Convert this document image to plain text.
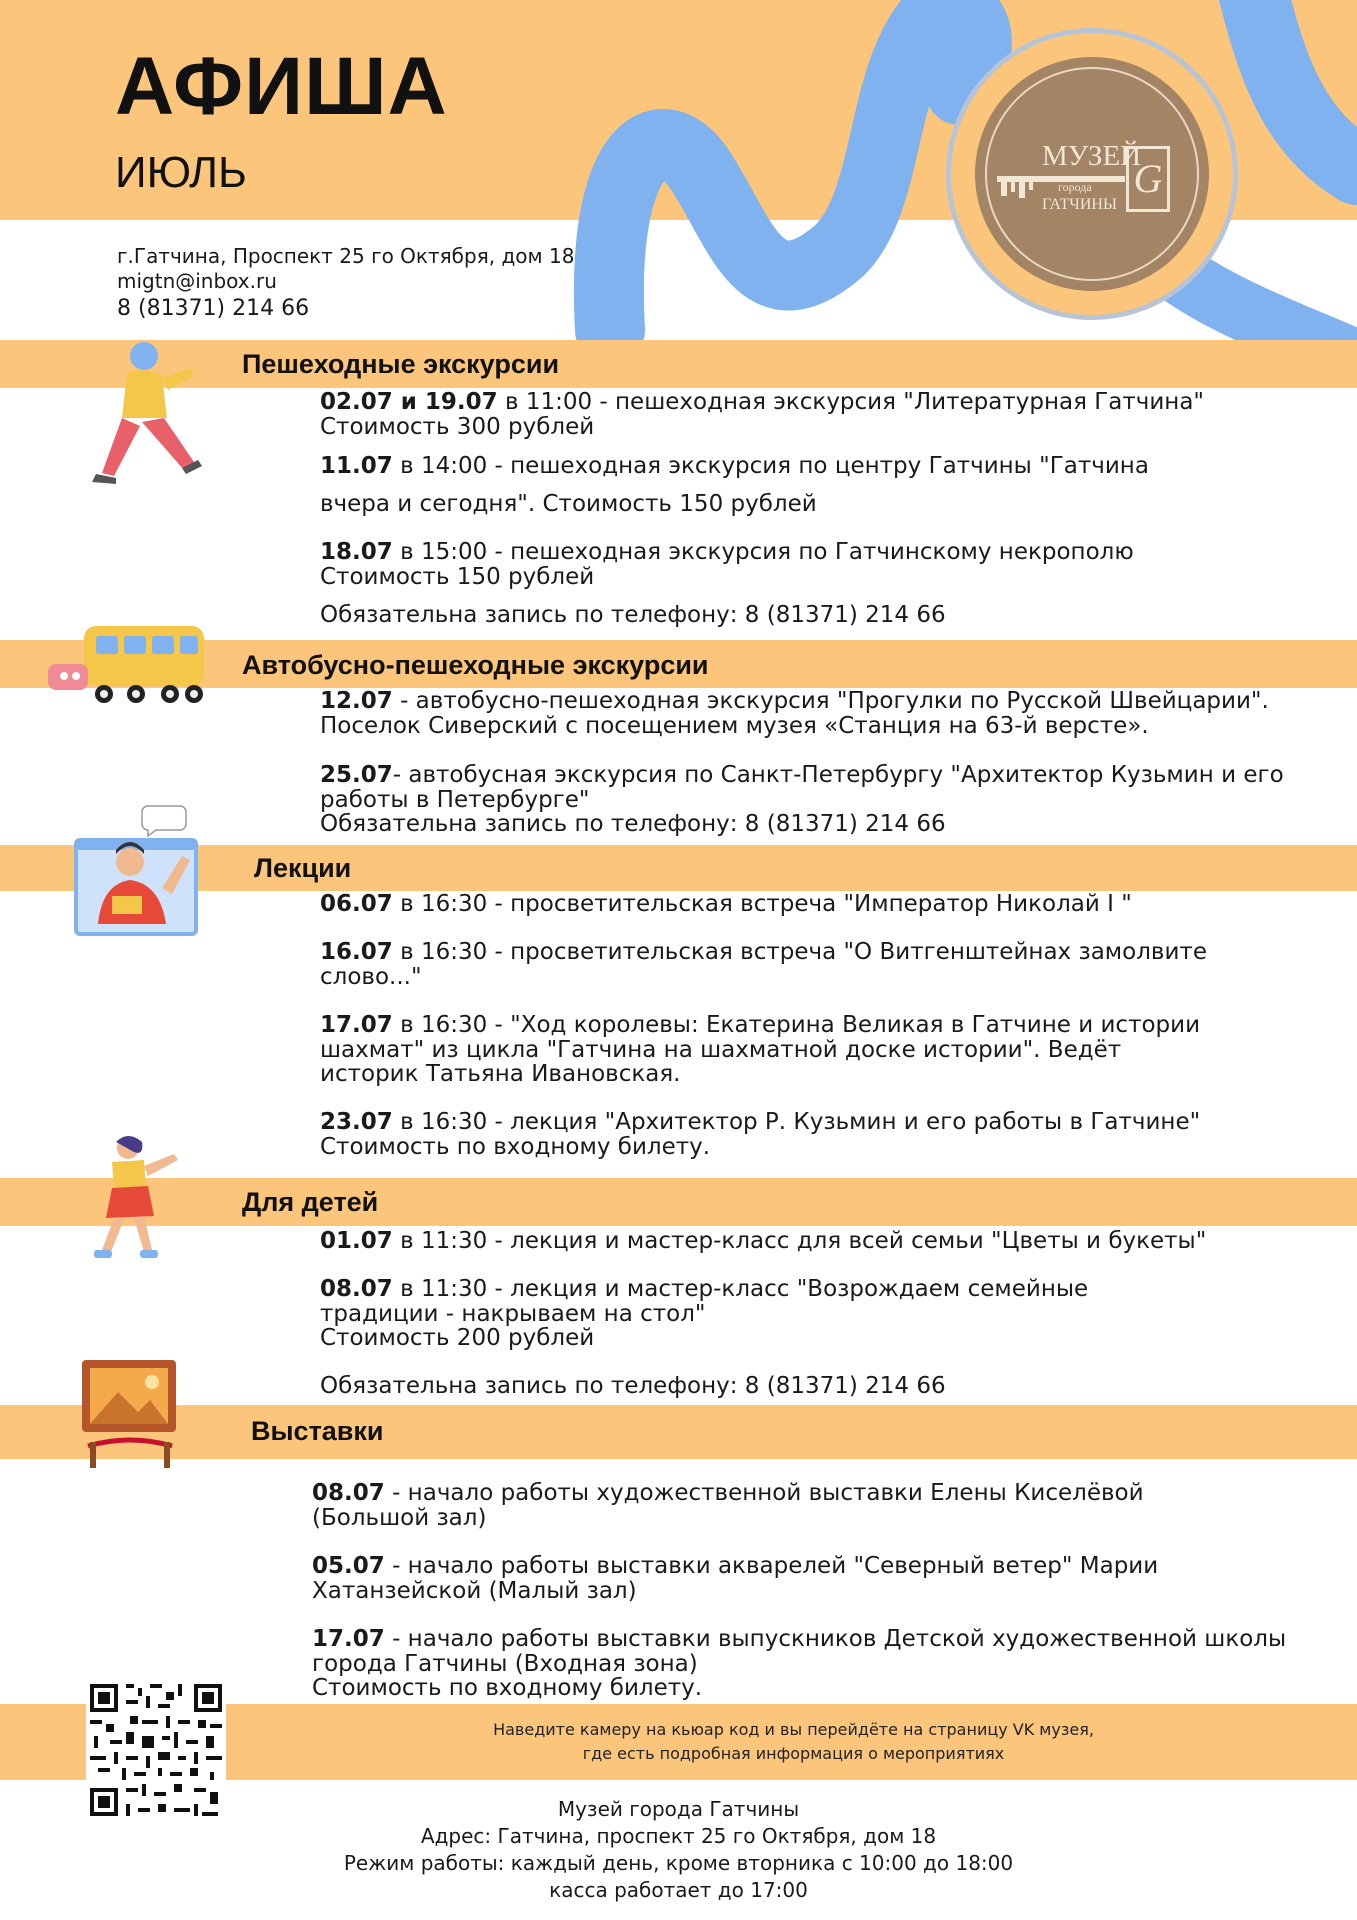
АФИША
ИЮЛЬ
г.Гатчина, Проспект 25 го Октября, дом 18
migtn@inbox.ru
8 (81371) 214 66
МУЗЕЙ
города
ГАТЧИНЫ
G
Пешеходные экскурсии
02.07 и 19.07 в 11:00 - пешеходная экскурсия "Литературная Гатчина"
Стоимость 300 рублей
11.07 в 14:00 - пешеходная экскурсия по центру Гатчины "Гатчина
вчера и сегодня". Стоимость 150 рублей
18.07 в 15:00 - пешеходная экскурсия по Гатчинскому некрополю
Стоимость 150 рублей
Обязательна запись по телефону: 8 (81371) 214 66
Автобусно-пешеходные экскурсии
12.07 - автобусно-пешеходная экскурсия "Прогулки по Русской Швейцарии".
Поселок Сиверский с посещением музея «Станция на 63-й версте».
25.07- автобусная экскурсия по Санкт-Петербургу "Архитектор Кузьмин и его
работы в Петербурге"
Обязательна запись по телефону: 8 (81371) 214 66
Лекции
06.07 в 16:30 - просветительская встреча "Император Николай I "
16.07 в 16:30 - просветительская встреча "О Витгенштейнах замолвите
слово..."
17.07 в 16:30 - "Ход королевы: Екатерина Великая в Гатчине и истории
шахмат" из цикла "Гатчина на шахматной доске истории". Ведёт
историк Татьяна Ивановская.
23.07 в 16:30 - лекция "Архитектор Р. Кузьмин и его работы в Гатчине"
Стоимость по входному билету.
Для детей
01.07 в 11:30 - лекция и мастер-класс для всей семьи "Цветы и букеты"
08.07 в 11:30 - лекция и мастер-класс "Возрождаем семейные
традиции - накрываем на стол"
Стоимость 200 рублей
Обязательна запись по телефону: 8 (81371) 214 66
Выставки
08.07 - начало работы художественной выставки Елены Киселёвой
(Большой зал)
05.07 - начало работы выставки акварелей "Северный ветер" Марии
Хатанзейской (Малый зал)
17.07 - начало работы выставки выпускников Детской художественной школы
города Гатчины (Входная зона)
Стоимость по входному билету.
Наведите камеру на кьюар код и вы перейдёте на страницу VK музея,
где есть подробная информация о мероприятиях
Музей города Гатчины
Адрес: Гатчина, проспект 25 го Октября, дом 18
Режим работы: каждый день, кроме вторника с 10:00 до 18:00
касса работает до 17:00
